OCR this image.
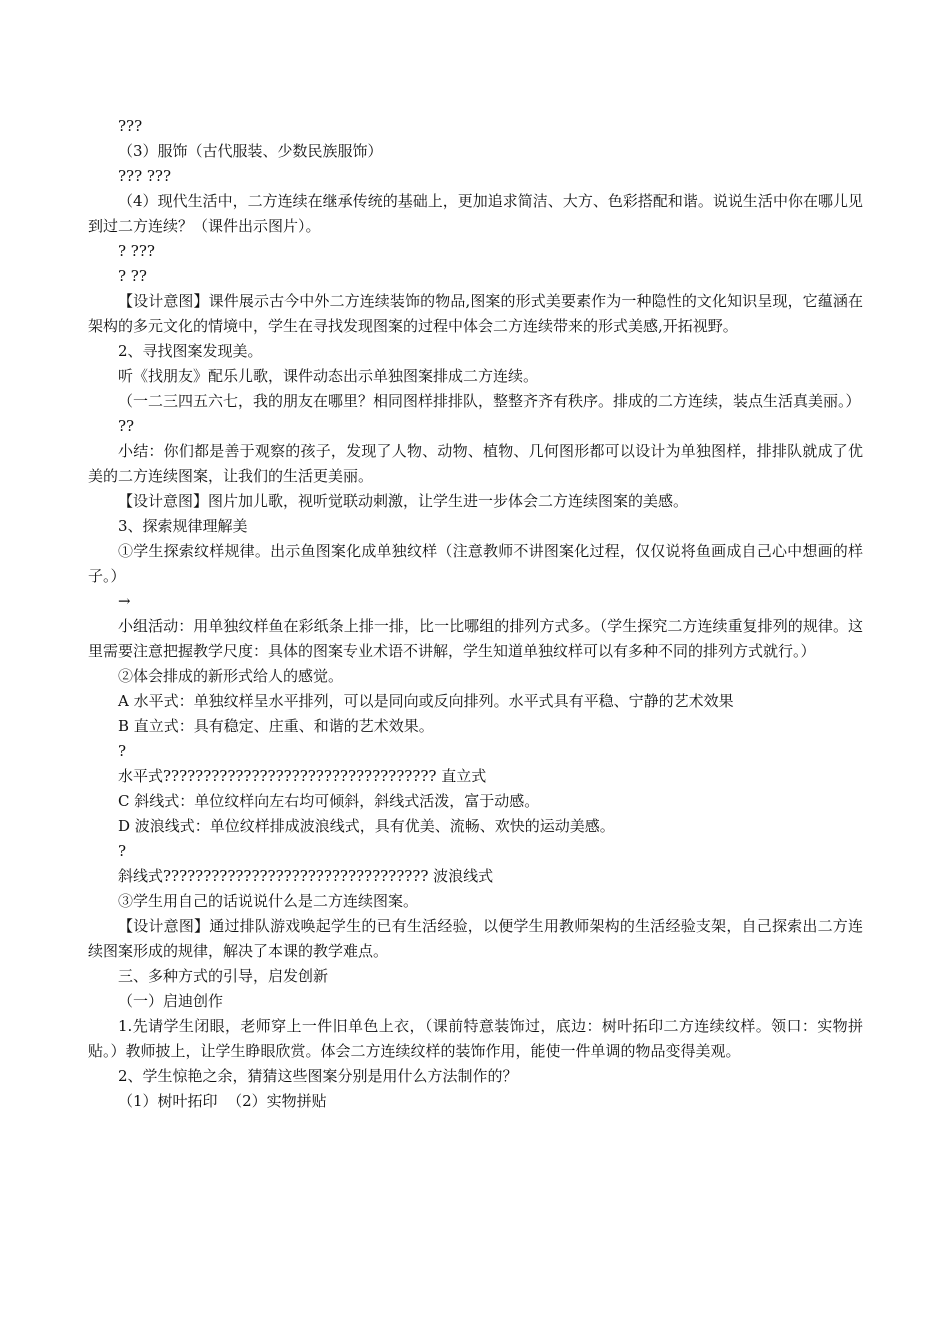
???

（3）服饰（古代服装、少数民族服饰）

??? ???

（4）现代生活中，二方连续在继承传统的基础上，更加追求简洁、大方、色彩搭配和谐。说说生活中你在哪儿见到过二方连续？（课件出示图片）。

? ???

? ??

【设计意图】课件展示古今中外二方连续装饰的物品,图案的形式美要素作为一种隐性的文化知识呈现，它蕴涵在架构的多元文化的情境中，学生在寻找发现图案的过程中体会二方连续带来的形式美感,开拓视野。

2、寻找图案发现美。

听《找朋友》配乐儿歌，课件动态出示单独图案排成二方连续。

（一二三四五六七，我的朋友在哪里？相同图样排排队，整整齐齐有秩序。排成的二方连续，装点生活真美丽。）

??

小结：你们都是善于观察的孩子，发现了人物、动物、植物、几何图形都可以设计为单独图样，排排队就成了优美的二方连续图案，让我们的生活更美丽。

【设计意图】图片加儿歌，视听觉联动刺激，让学生进一步体会二方连续图案的美感。

3、探索规律理解美

①学生探索纹样规律。出示鱼图案化成单独纹样（注意教师不讲图案化过程，仅仅说将鱼画成自己心中想画的样子。）

→

小组活动：用单独纹样鱼在彩纸条上排一排，比一比哪组的排列方式多。（学生探究二方连续重复排列的规律。这里需要注意把握教学尺度：具体的图案专业术语不讲解，学生知道单独纹样可以有多种不同的排列方式就行。）

②体会排成的新形式给人的感觉。

A 水平式：单独纹样呈水平排列，可以是同向或反向排列。水平式具有平稳、宁静的艺术效果

B 直立式：具有稳定、庄重、和谐的艺术效果。

?

水平式?????????????????????????????????? 直立式

C 斜线式：单位纹样向左右均可倾斜，斜线式活泼，富于动感。

D 波浪线式：单位纹样排成波浪线式，具有优美、流畅、欢快的运动美感。

?

斜线式????????????????????????????????? 波浪线式

③学生用自己的话说说什么是二方连续图案。

【设计意图】通过排队游戏唤起学生的已有生活经验，以便学生用教师架构的生活经验支架，自己探索出二方连续图案形成的规律，解决了本课的教学难点。

三、多种方式的引导，启发创新

（一）启迪创作

1.先请学生闭眼，老师穿上一件旧单色上衣，（课前特意装饰过，底边：树叶拓印二方连续纹样。领口：实物拼贴。）教师披上，让学生睁眼欣赏。体会二方连续纹样的装饰作用，能使一件单调的物品变得美观。

2、学生惊艳之余，猜猜这些图案分别是用什么方法制作的？

（1）树叶拓印  （2）实物拼贴
